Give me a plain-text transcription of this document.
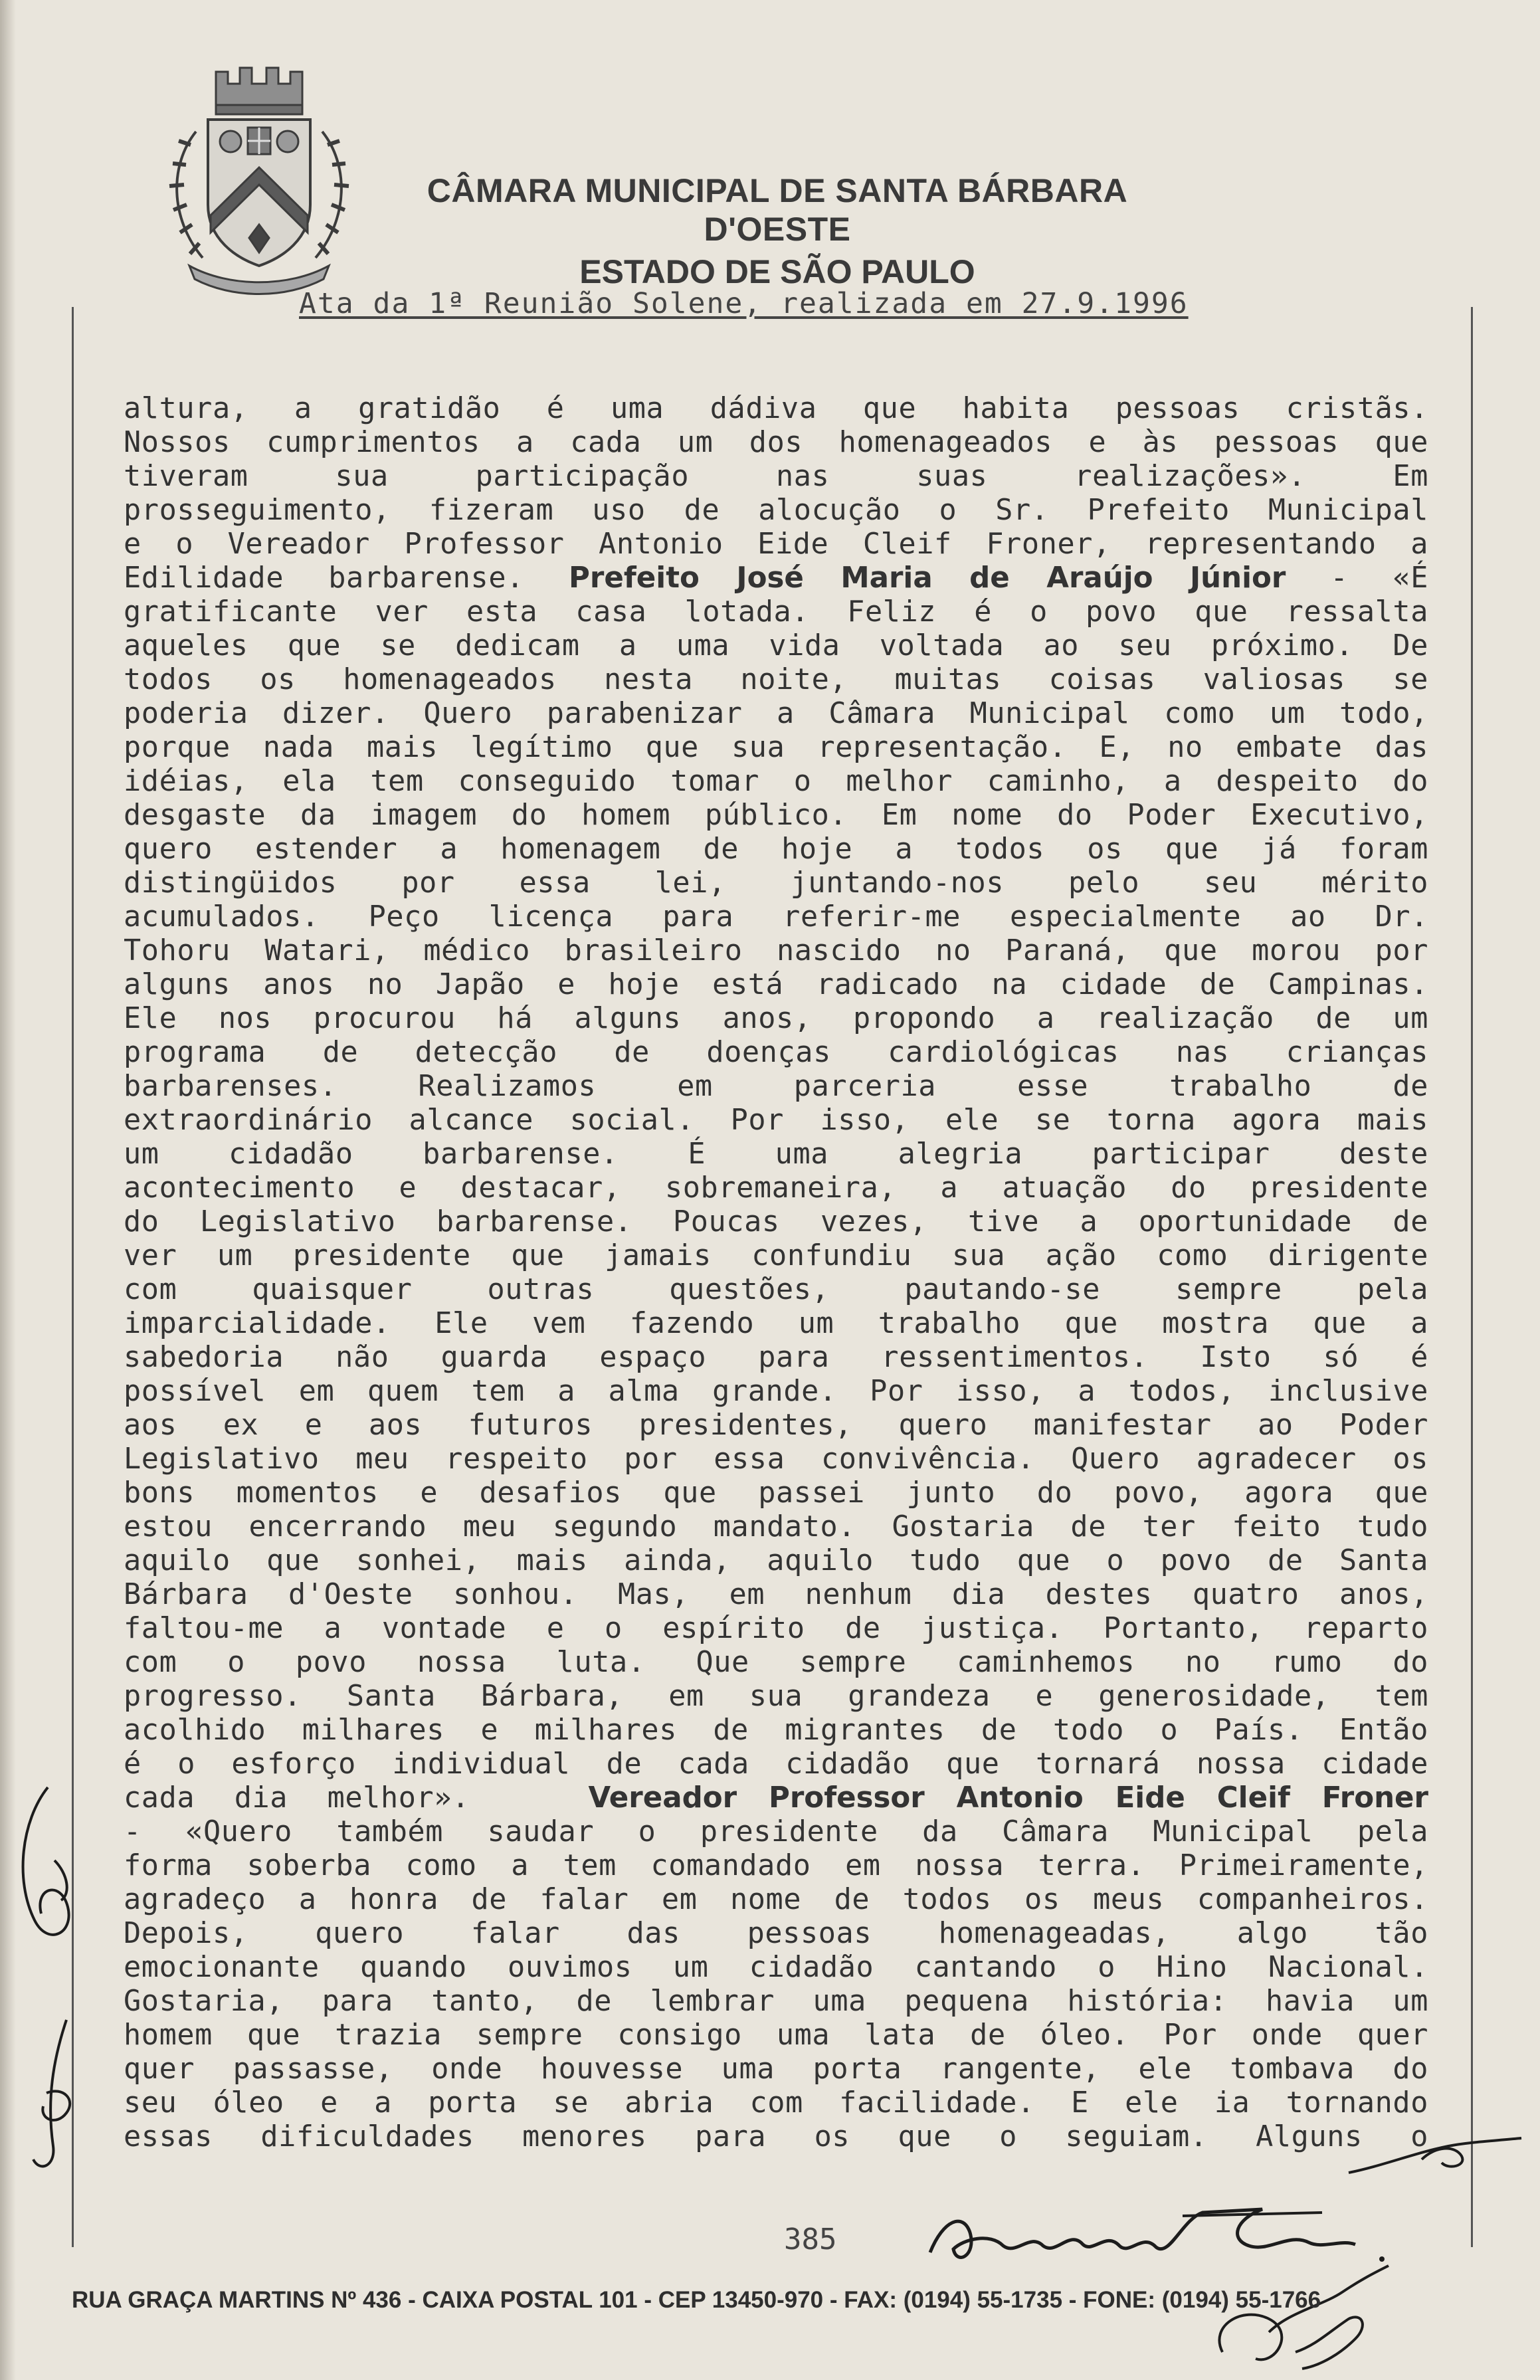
CÂMARA MUNICIPAL DE SANTA BÁRBARA D'OESTE
ESTADO DE SÃO PAULO
Ata da 1ª Reunião Solene, realizada em 27.9.1996

altura, a gratidão é uma dádiva que habita pessoas cristãs.

Nossos cumprimentos a cada um dos homenageados e às pessoas que

tiveram sua participação nas suas realizações». Em

prosseguimento, fizeram uso de alocução o Sr. Prefeito Municipal

e o Vereador Professor Antonio Eide Cleif Froner, representando a

Edilidade barbarense. Prefeito José Maria de Araújo Júnior - «É

gratificante ver esta casa lotada. Feliz é o povo que ressalta

aqueles que se dedicam a uma vida voltada ao seu próximo. De

todos os homenageados nesta noite, muitas coisas valiosas se

poderia dizer. Quero parabenizar a Câmara Municipal como um todo,

porque nada mais legítimo que sua representação. E, no embate das

idéias, ela tem conseguido tomar o melhor caminho, a despeito do

desgaste da imagem do homem público. Em nome do Poder Executivo,

quero estender a homenagem de hoje a todos os que já foram

distingüidos por essa lei, juntando-nos pelo seu mérito

acumulados. Peço licença para referir-me especialmente ao Dr.

Tohoru Watari, médico brasileiro nascido no Paraná, que morou por

alguns anos no Japão e hoje está radicado na cidade de Campinas.

Ele nos procurou há alguns anos, propondo a realização de um

programa de detecção de doenças cardiológicas nas crianças

barbarenses. Realizamos em parceria esse trabalho de

extraordinário alcance social. Por isso, ele se torna agora mais

um cidadão barbarense. É uma alegria participar deste

acontecimento e destacar, sobremaneira, a atuação do presidente

do Legislativo barbarense. Poucas vezes, tive a oportunidade de

ver um presidente que jamais confundiu sua ação como dirigente

com quaisquer outras questões, pautando-se sempre pela

imparcialidade. Ele vem fazendo um trabalho que mostra que a

sabedoria não guarda espaço para ressentimentos. Isto só é

possível em quem tem a alma grande. Por isso, a todos, inclusive

aos ex e aos futuros presidentes, quero manifestar ao Poder

Legislativo meu respeito por essa convivência. Quero agradecer os

bons momentos e desafios que passei junto do povo, agora que

estou encerrando meu segundo mandato. Gostaria de ter feito tudo

aquilo que sonhei, mais ainda, aquilo tudo que o povo de Santa

Bárbara d'Oeste sonhou. Mas, em nenhum dia destes quatro anos,

faltou-me a vontade e o espírito de justiça. Portanto, reparto

com o povo nossa luta. Que sempre caminhemos no rumo do

progresso. Santa Bárbara, em sua grandeza e generosidade, tem

acolhido milhares e milhares de migrantes de todo o País. Então

é o esforço individual de cada cidadão que tornará nossa cidade

cada dia melhor».	Vereador Professor Antonio Eide Cleif Froner

- «Quero também saudar o presidente da Câmara Municipal pela

forma soberba como a tem comandado em nossa terra. Primeiramente,

agradeço a honra de falar em nome de todos os meus companheiros.

Depois, quero falar das pessoas homenageadas, algo tão

emocionante quando ouvimos um cidadão cantando o Hino Nacional.

Gostaria, para tanto, de lembrar uma pequena história: havia um

homem que trazia sempre consigo uma lata de óleo. Por onde quer

quer passasse, onde houvesse uma porta rangente, ele tombava do

seu óleo e a porta se abria com facilidade. E ele ia tornando

essas dificuldades menores para os que o seguiam. Alguns o

385
RUA GRAÇA MARTINS Nº 436 - CAIXA POSTAL 101 - CEP 13450-970 - FAX: (0194) 55-1735 - FONE: (0194) 55-1766
